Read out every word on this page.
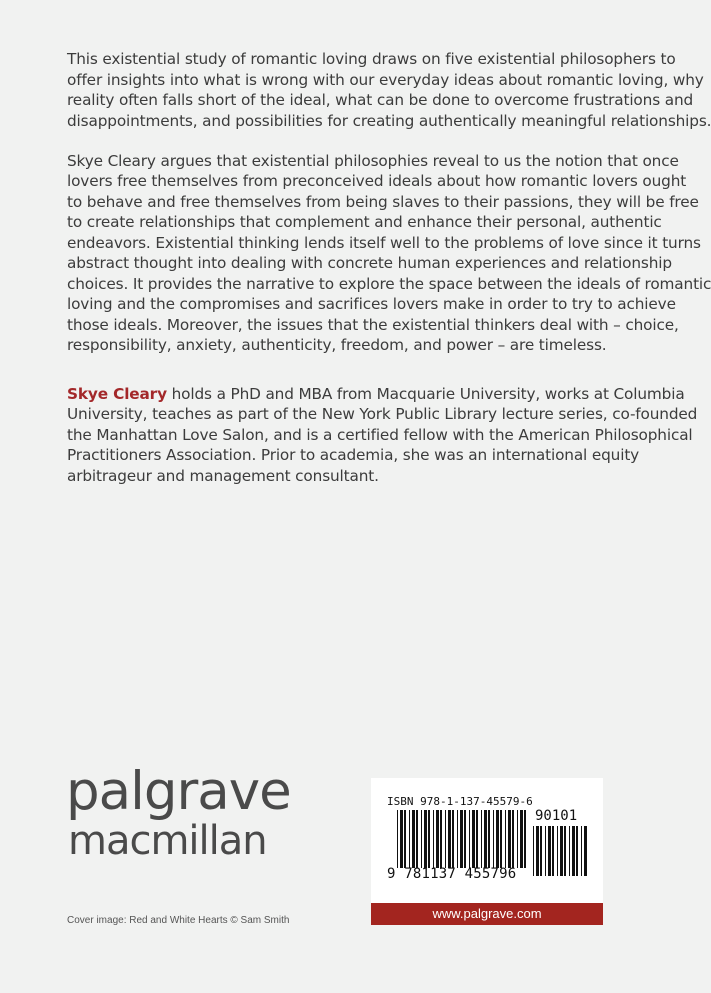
This existential study of romantic loving draws on five existential philosophers to
offer insights into what is wrong with our everyday ideas about romantic loving, why
reality often falls short of the ideal, what can be done to overcome frustrations and
disappointments, and possibilities for creating authentically meaningful relationships.

Skye Cleary argues that existential philosophies reveal to us the notion that once
lovers free themselves from preconceived ideals about how romantic lovers ought
to behave and free themselves from being slaves to their passions, they will be free
to create relationships that complement and enhance their personal, authentic
endeavors. Existential thinking lends itself well to the problems of love since it turns
abstract thought into dealing with concrete human experiences and relationship
choices. It provides the narrative to explore the space between the ideals of romantic
loving and the compromises and sacrifices lovers make in order to try to achieve
those ideals. Moreover, the issues that the existential thinkers deal with – choice,
responsibility, anxiety, authenticity, freedom, and power – are timeless.

Skye Cleary holds a PhD and MBA from Macquarie University, works at Columbia
University, teaches as part of the New York Public Library lecture series, co-founded
the Manhattan Love Salon, and is a certified fellow with the American Philosophical
Practitioners Association. Prior to academia, she was an international equity
arbitrageur and management consultant.

palgrave
macmillan
Cover image: Red and White Hearts © Sam Smith
ISBN 978-1-137-45579-6
9 781137 455796
90101
www.palgrave.com
